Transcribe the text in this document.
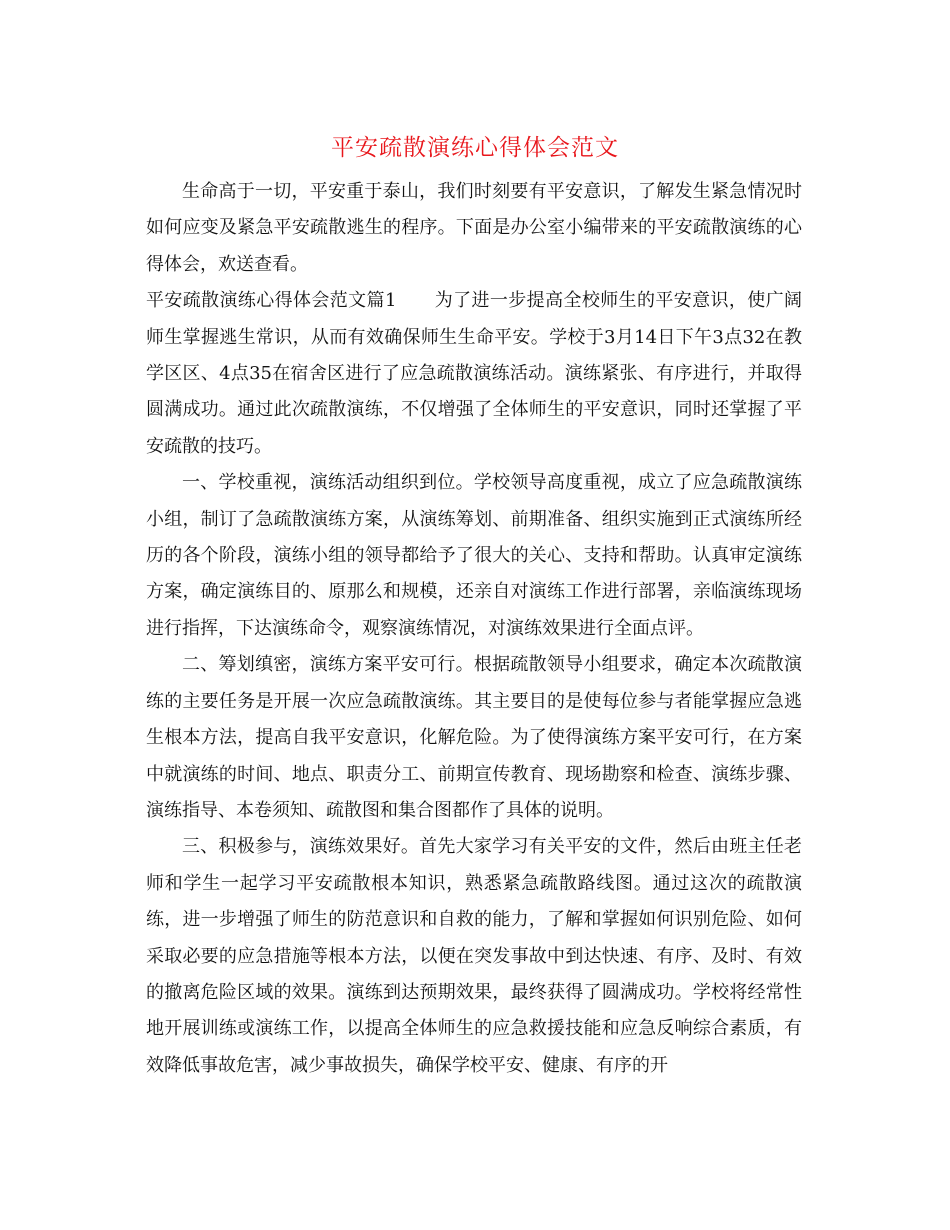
平安疏散演练心得体会范文

生命高于一切，平安重于泰山，我们时刻要有平安意识，了解发生紧急情况时如何应变及紧急平安疏散逃生的程序。下面是办公室小编带来的平安疏散演练的心得体会，欢送查看。

平安疏散演练心得体会范文篇1 为了进一步提高全校师生的平安意识，使广阔师生掌握逃生常识，从而有效确保师生生命平安。学校于3月14日下午3点32在教学区区、4点35在宿舍区进行了应急疏散演练活动。演练紧张、有序进行，并取得圆满成功。通过此次疏散演练，不仅增强了全体师生的平安意识，同时还掌握了平安疏散的技巧。

一、学校重视，演练活动组织到位。学校领导高度重视，成立了应急疏散演练小组，制订了急疏散演练方案，从演练筹划、前期准备、组织实施到正式演练所经历的各个阶段，演练小组的领导都给予了很大的关心、支持和帮助。认真审定演练方案，确定演练目的、原那么和规模，还亲自对演练工作进行部署，亲临演练现场进行指挥，下达演练命令，观察演练情况，对演练效果进行全面点评。

二、筹划缜密，演练方案平安可行。根据疏散领导小组要求，确定本次疏散演练的主要任务是开展一次应急疏散演练。其主要目的是使每位参与者能掌握应急逃生根本方法，提高自我平安意识，化解危险。为了使得演练方案平安可行，在方案中就演练的时间、地点、职责分工、前期宣传教育、现场勘察和检查、演练步骤、演练指导、本卷须知、疏散图和集合图都作了具体的说明。

三、积极参与，演练效果好。首先大家学习有关平安的文件，然后由班主任老师和学生一起学习平安疏散根本知识，熟悉紧急疏散路线图。通过这次的疏散演练，进一步增强了师生的防范意识和自救的能力，了解和掌握如何识别危险、如何采取必要的应急措施等根本方法，以便在突发事故中到达快速、有序、及时、有效的撤离危险区域的效果。演练到达预期效果，最终获得了圆满成功。学校将经常性地开展训练或演练工作，以提高全体师生的应急救援技能和应急反响综合素质，有效降低事故危害，减少事故损失，确保学校平安、健康、有序的开
